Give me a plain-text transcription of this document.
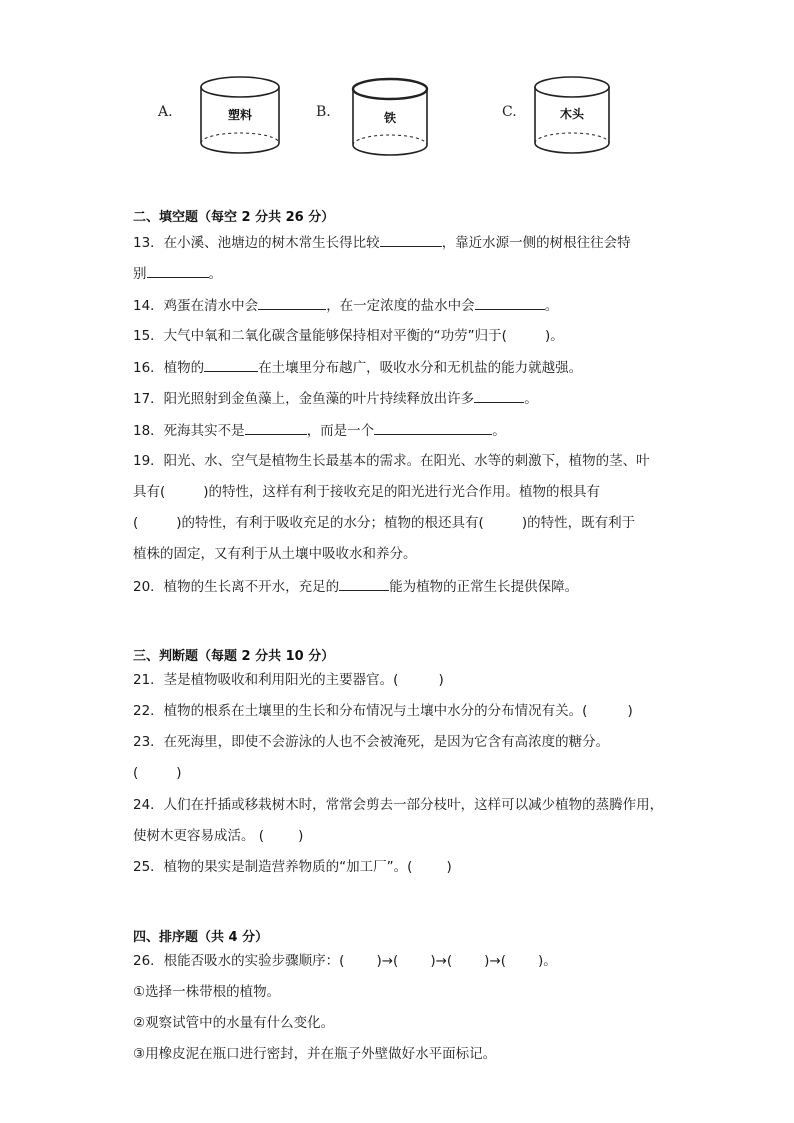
A.	塑料	B.	铁	C.	木头
二、填空题（每空 2 分共 26 分）
13．在小溪、池塘边的树木常生长得比较	，靠近水源一侧的树根往往会特
别	。
14．鸡蛋在清水中会	，在一定浓度的盐水中会	。
15．大气中氧和二氧化碳含量能够保持相对平衡的“功劳”归于(	)。
16．植物的	在土壤里分布越广，吸收水分和无机盐的能力就越强。
17．阳光照射到金鱼藻上，金鱼藻的叶片持续释放出许多	。
18．死海其实不是	，而是一个	。
19．阳光、水、空气是植物生长最基本的需求。在阳光、水等的刺激下，植物的茎、叶
具有(	)的特性，这样有利于接收充足的阳光进行光合作用。植物的根具有
(	)的特性，有利于吸收充足的水分；植物的根还具有(	)的特性，既有利于
植株的固定，又有利于从土壤中吸收水和养分。
20．植物的生长离不开水，充足的	能为植物的正常生长提供保障。
三、判断题（每题 2 分共 10 分）
21．茎是植物吸收和利用阳光的主要器官。(	)
22．植物的根系在土壤里的生长和分布情况与土壤中水分的分布情况有关。(	)
23．在死海里，即使不会游泳的人也不会被淹死，是因为它含有高浓度的糖分。
(	)
24．人们在扦插或移栽树木时，常常会剪去一部分枝叶，这样可以减少植物的蒸腾作用，
使树木更容易成活。 (	)
25．植物的果实是制造营养物质的“加工厂”。(	)
四、排序题（共 4 分）
26．根能否吸水的实验步骤顺序：( )→( )→( )→( )。
①选择一株带根的植物。
②观察试管中的水量有什么变化。
③用橡皮泥在瓶口进行密封，并在瓶子外壁做好水平面标记。
